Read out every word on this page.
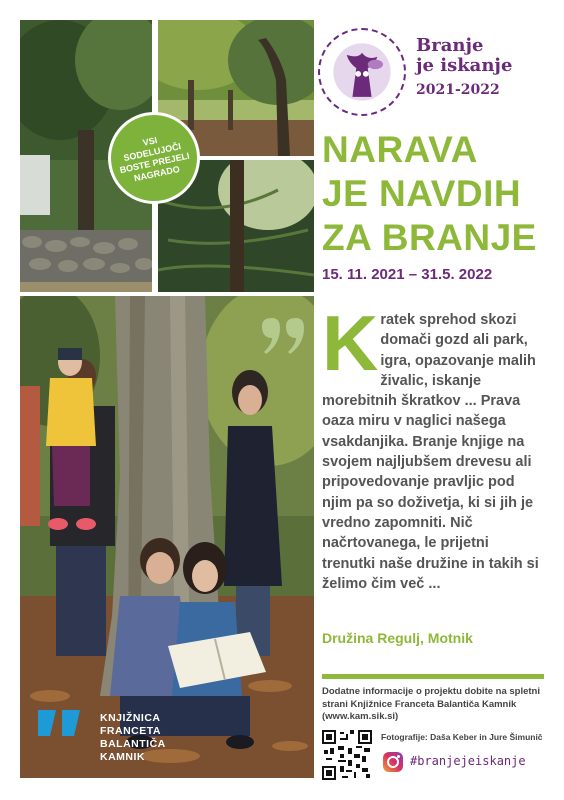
VSI
SODELUJOČI
BOSTE PREJELI
NAGRADO
Branje
je iskanje
2021-2022
NARAVA
JE NAVDIH
ZA BRANJE
15. 11. 2021 – 31.5. 2022
KNJIŽNICA
FRANCETA
BALANTIČA
KAMNIK
Kratek sprehod skozi domači gozd ali park, igra, opazovanje malih živalic, iskanje morebitnih škratkov ... Prava oaza miru v naglici našega vsakdanjika. Branje knjige na svojem najljubšem drevesu ali pripovedovanje pravljic pod njim pa so doživetja, ki si jih je vredno zapomniti. Nič načrtovanega, le prijetni trenutki naše družine in takih si želimo čim več ...
Družina Regulj, Motnik
Dodatne informacije o projektu dobite na spletni strani Knjižnice Franceta Balantiča Kamnik (www.kam.sik.si)
Fotografije: Daša Keber in Jure Šimunič
#branjejeiskanje
